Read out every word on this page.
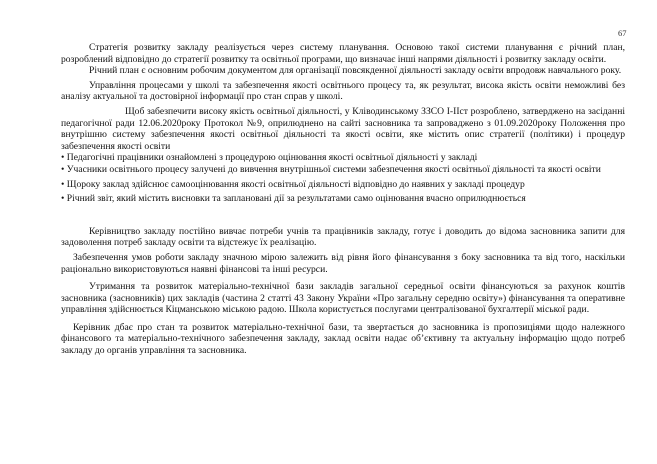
67

Стратегія розвитку закладу реалізується через систему планування. Основою такої системи планування є річний план, розроблений відповідно до стратегії розвитку та освітньої програми, що визначає інші напрями діяльності і розвитку закладу освіти.

Річний план є основним робочим документом для організації повсякденної діяльності закладу освіти впродовж навчального року.

Управління процесами у школі та забезпечення якості освітнього процесу та, як результат, висока якість освіти неможливі без аналізу актуальної та достовірної інформації про стан справ у школі.

Щоб забезпечити високу якість освітньої діяльності, у Кліводинському ЗЗСО І-ІІст розроблено, затверджено на засіданні педагогічної ради 12.06.2020року Протокол №9, оприлюднено на сайті засновника та запроваджено з 01.09.2020року Положення про внутрішню систему забезпечення якості освітньої діяльності та якості освіти, яке містить опис стратегії (політики) і процедур забезпечення якості освіти

• Педагогічні працівники ознайомлені з процедурою оцінювання якості освітньої діяльності у закладі

• Учасники освітнього процесу залучені до вивчення внутрішньої системи забезпечення якості освітньої діяльності та якості освіти

• Щороку заклад здійснює самооцінювання якості освітньої діяльності відповідно до наявних у закладі процедур

• Річний звіт, який містить висновки та заплановані дії за результатами само оцінювання вчасно оприлюднюється

Керівництво закладу постійно вивчає потреби учнів та працівників закладу, готує і доводить до відома засновника запити для задоволення потреб закладу освіти та відстежує їх реалізацію.

Забезпечення умов роботи закладу значною мірою залежить від рівня його фінансування з боку засновника та від того, наскільки раціонально використовуються наявні фінансові та інші ресурси.

Утримання та розвиток матеріально-технічної бази закладів загальної середньої освіти фінансуються за рахунок коштів засновника (засновників) цих закладів (частина 2 статті 43 Закону України «Про загальну середню освіту») фінансування та оперативне управління здійснюється Кіцманською міською радою. Школа користується послугами централізованої бухгалтерії міської ради.

Керівник дбає про стан та розвиток матеріально-технічної бази, та звертається до засновника із пропозиціями щодо належного фінансового та матеріально-технічного забезпечення закладу, заклад освіти надає об’єктивну та актуальну інформацію щодо потреб закладу до органів управління та засновника.
